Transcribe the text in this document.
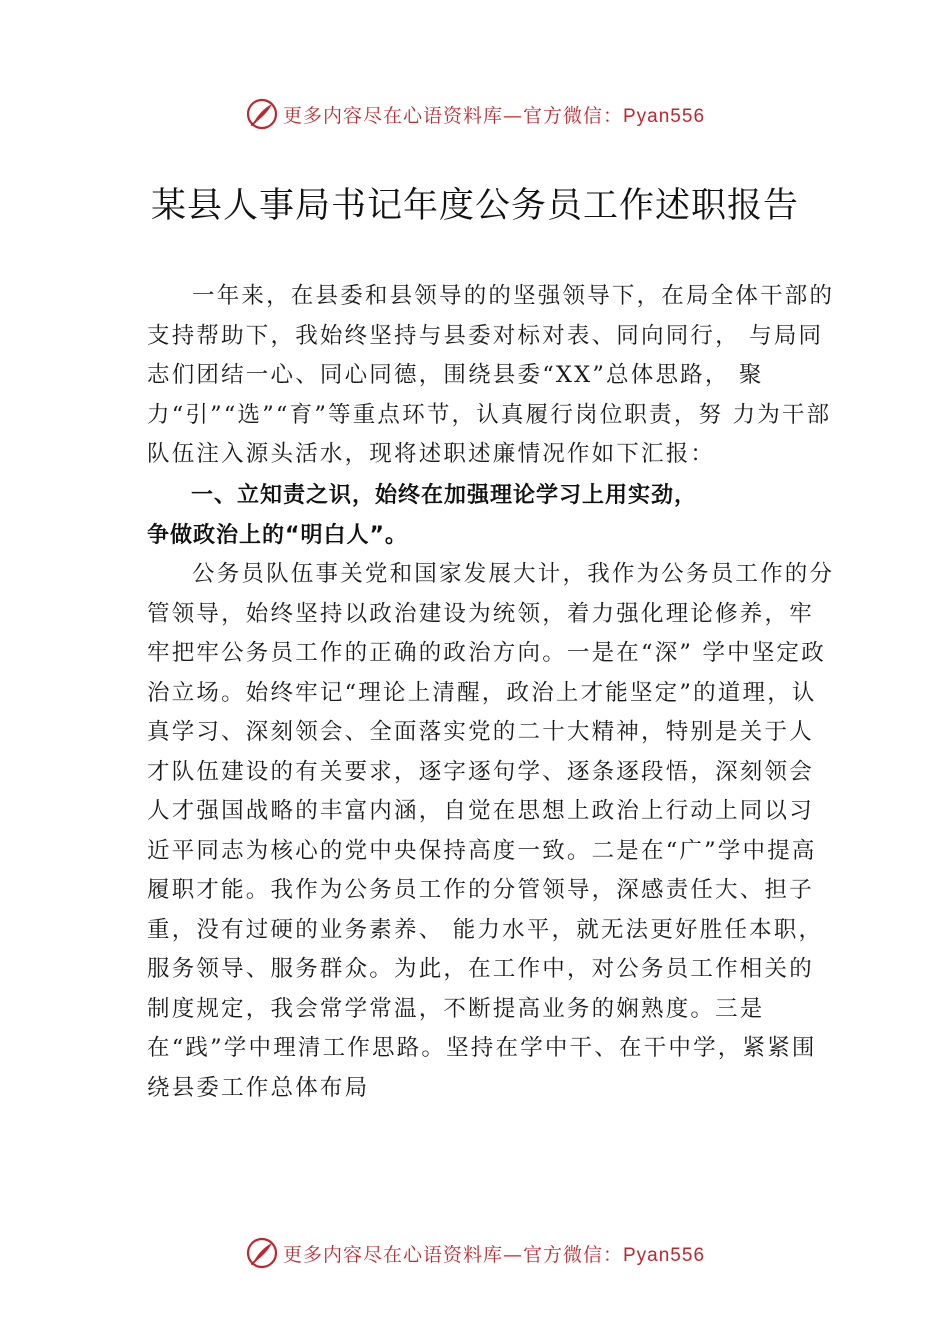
更多内容尽在心语资料库—官方微信：Pyan556
某县人事局书记年度公务员工作述职报告

一年来，在县委和县领导的的坚强领导下，在局全体干部的支持帮助下，我始终坚持与县委对标对表、同向同行， 与局同志们团结一心、同心同德，围绕县委“XX”总体思路， 聚力“引”“选”“育”等重点环节，认真履行岗位职责，努 力为干部队伍注入源头活水，现将述职述廉情况作如下汇报：

一、立知责之识，始终在加强理论学习上用实劲，
争做政治上的“明白人”。

公务员队伍事关党和国家发展大计，我作为公务员工作的分管领导，始终坚持以政治建设为统领，着力强化理论修养，牢牢把牢公务员工作的正确的政治方向。一是在“深” 学中坚定政治立场。始终牢记“理论上清醒，政治上才能坚定”的道理，认真学习、深刻领会、全面落实党的二十大精神，特别是关于人才队伍建设的有关要求，逐字逐句学、逐条逐段悟，深刻领会人才强国战略的丰富内涵，自觉在思想上政治上行动上同以习近平同志为核心的党中央保持高度一致。二是在“广”学中提高履职才能。我作为公务员工作的分管领导，深感责任大、担子重，没有过硬的业务素养、 能力水平，就无法更好胜任本职，服务领导、服务群众。为此，在工作中，对公务员工作相关的制度规定，我会常学常温，不断提高业务的娴熟度。三是在“践”学中理清工作思路。坚持在学中干、在干中学，紧紧围绕县委工作总体布局

更多内容尽在心语资料库—官方微信：Pyan556
